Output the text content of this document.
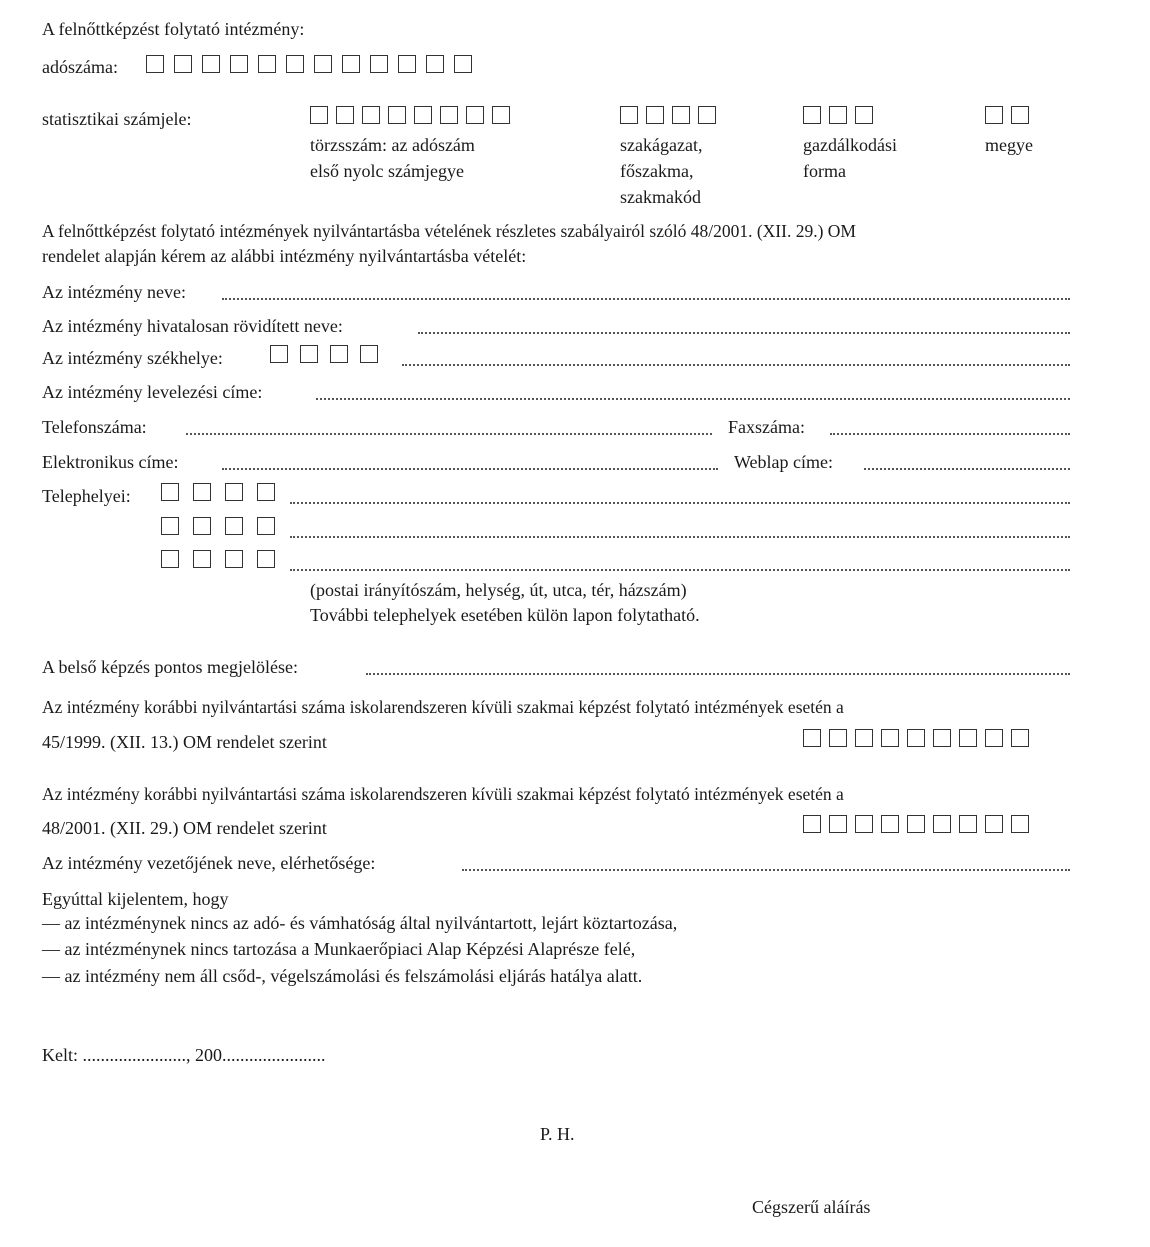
A felnőttképzést folytató intézmény:
adószáma:
statisztikai számjele:
törzsszám: az adószám
első nyolc számjegye
szakágazat,
főszakma,
szakmakód
gazdálkodási
forma
megye
A felnőttképzést folytató intézmények nyilvántartásba vételének részletes szabályairól szóló 48/2001. (XII. 29.) OM
rendelet alapján kérem az alábbi intézmény nyilvántartásba vételét:
Az intézmény neve:
Az intézmény hivatalosan rövidített neve:
Az intézmény székhelye:
Az intézmény levelezési címe:
Telefonszáma:	Faxszáma:
Elektronikus címe:	Weblap címe:
Telephelyei:
(postai irányítószám, helység, út, utca, tér, házszám)
További telephelyek esetében külön lapon folytatható.
A belső képzés pontos megjelölése:
Az intézmény korábbi nyilvántartási száma iskolarendszeren kívüli szakmai képzést folytató intézmények esetén a
45/1999. (XII. 13.) OM rendelet szerint
Az intézmény korábbi nyilvántartási száma iskolarendszeren kívüli szakmai képzést folytató intézmények esetén a
48/2001. (XII. 29.) OM rendelet szerint
Az intézmény vezetőjének neve, elérhetősége:
Egyúttal kijelentem, hogy
— az intézménynek nincs az adó- és vámhatóság által nyilvántartott, lejárt köztartozása,
— az intézménynek nincs tartozása a Munkaerőpiaci Alap Képzési Alaprésze felé,
— az intézmény nem áll csőd-, végelszámolási és felszámolási eljárás hatálya alatt.
Kelt: ......................., 200.......................
P. H.
Cégszerű aláírás
